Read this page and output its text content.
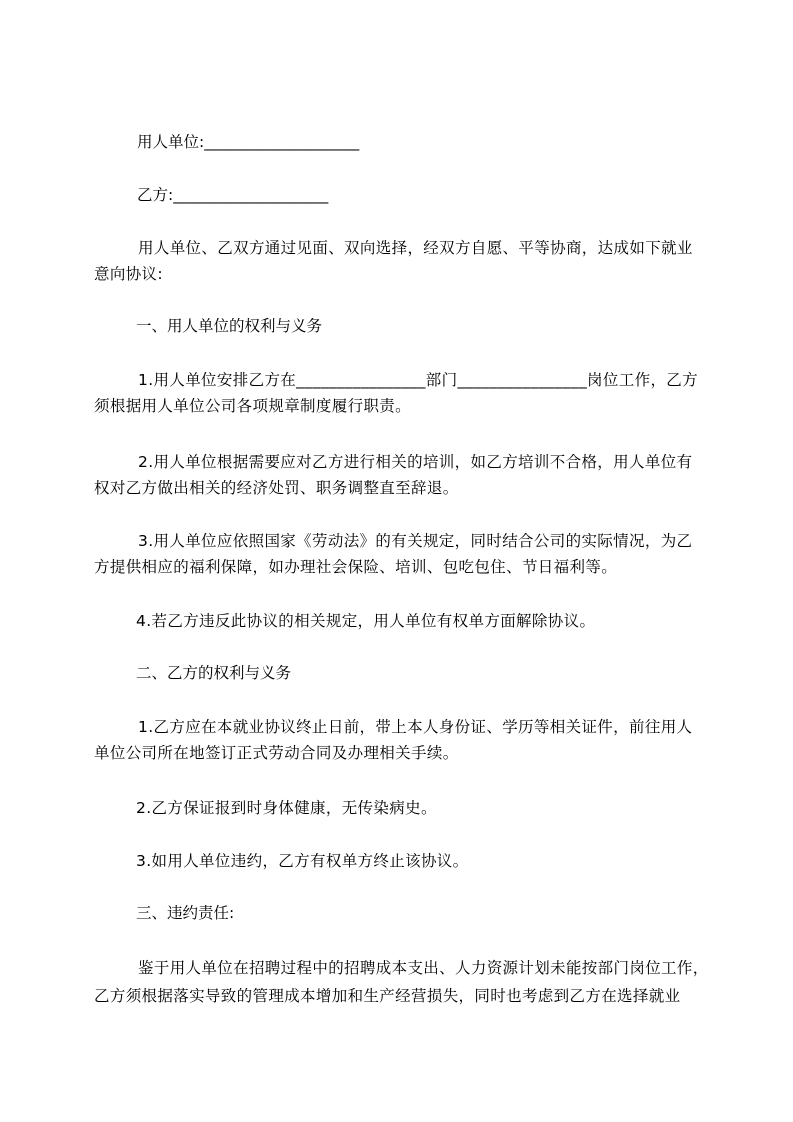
用人单位:____________________
乙方:____________________
用人单位、乙双方通过见面、双向选择，经双方自愿、平等协商，达成如下就业
意向协议:
一、用人单位的权利与义务
1.用人单位安排乙方在________________部门________________岗位工作，乙方
须根据用人单位公司各项规章制度履行职责。
2.用人单位根据需要应对乙方进行相关的培训，如乙方培训不合格，用人单位有
权对乙方做出相关的经济处罚、职务调整直至辞退。
3.用人单位应依照国家《劳动法》的有关规定，同时结合公司的实际情况，为乙
方提供相应的福利保障，如办理社会保险、培训、包吃包住、节日福利等。
4.若乙方违反此协议的相关规定，用人单位有权单方面解除协议。
二、乙方的权利与义务
1.乙方应在本就业协议终止日前，带上本人身份证、学历等相关证件，前往用人
单位公司所在地签订正式劳动合同及办理相关手续。
2.乙方保证报到时身体健康，无传染病史。
3.如用人单位违约，乙方有权单方终止该协议。
三、违约责任:
鉴于用人单位在招聘过程中的招聘成本支出、人力资源计划未能按部门岗位工作，
乙方须根据落实导致的管理成本增加和生产经营损失，同时也考虑到乙方在选择就业
